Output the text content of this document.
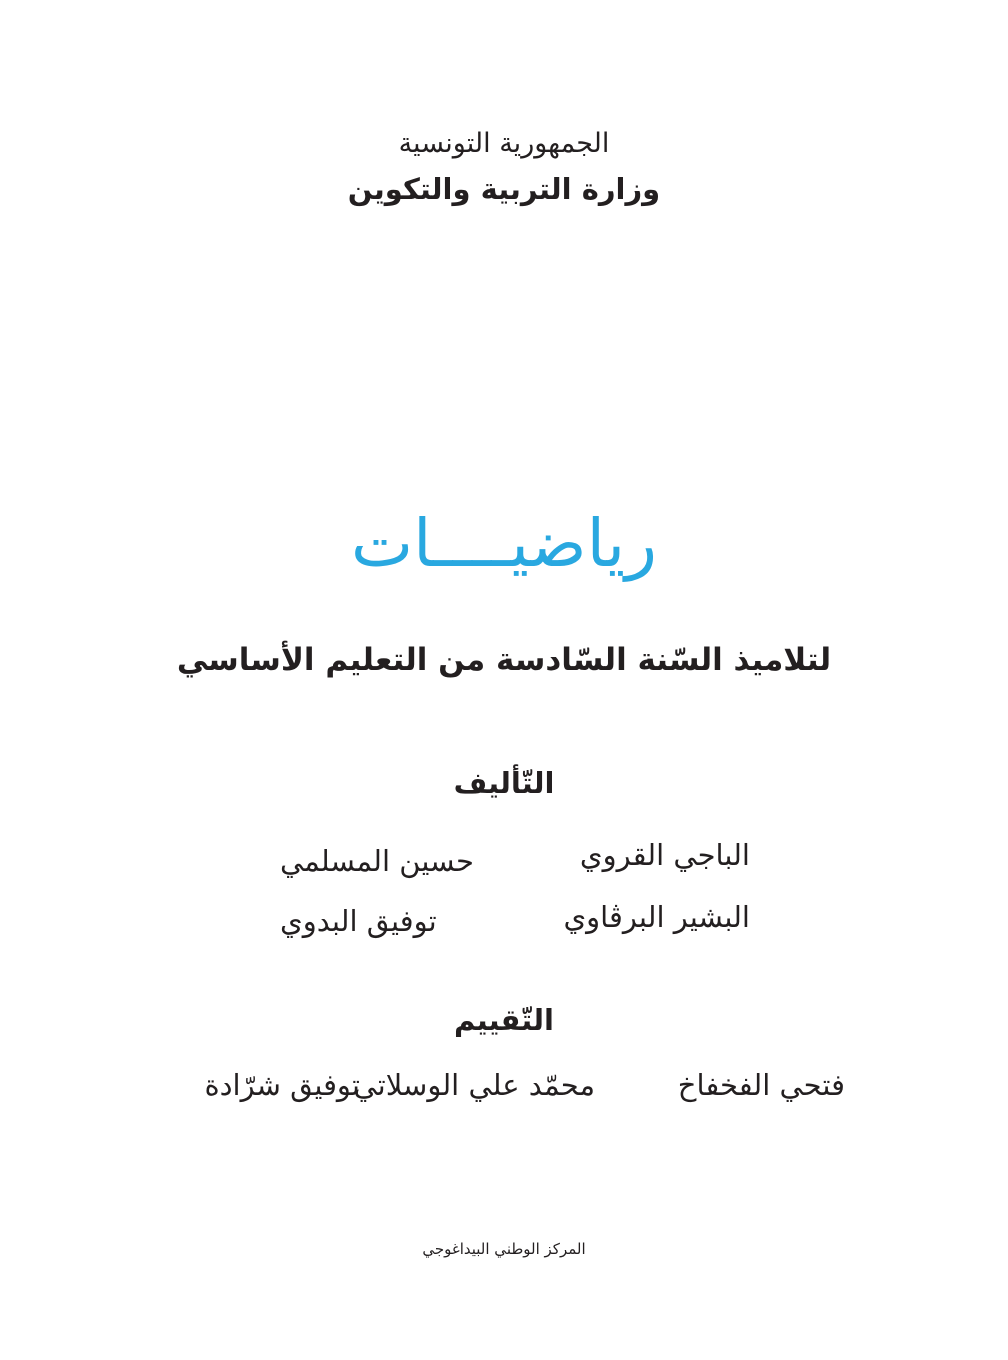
الجمهورية التونسية
وزارة التربية والتكوين
رياضيــــات
لتلاميذ السّنة السّادسة من التعليم الأساسي
التّأليف
الباجي القروي
البشير البرڤاوي
حسين المسلمي
توفيق البدوي
التّقييم
فتحي الفخفاخ
محمّد علي الوسلاتي
توفيق شرّادة
المركز الوطني البيداغوجي
